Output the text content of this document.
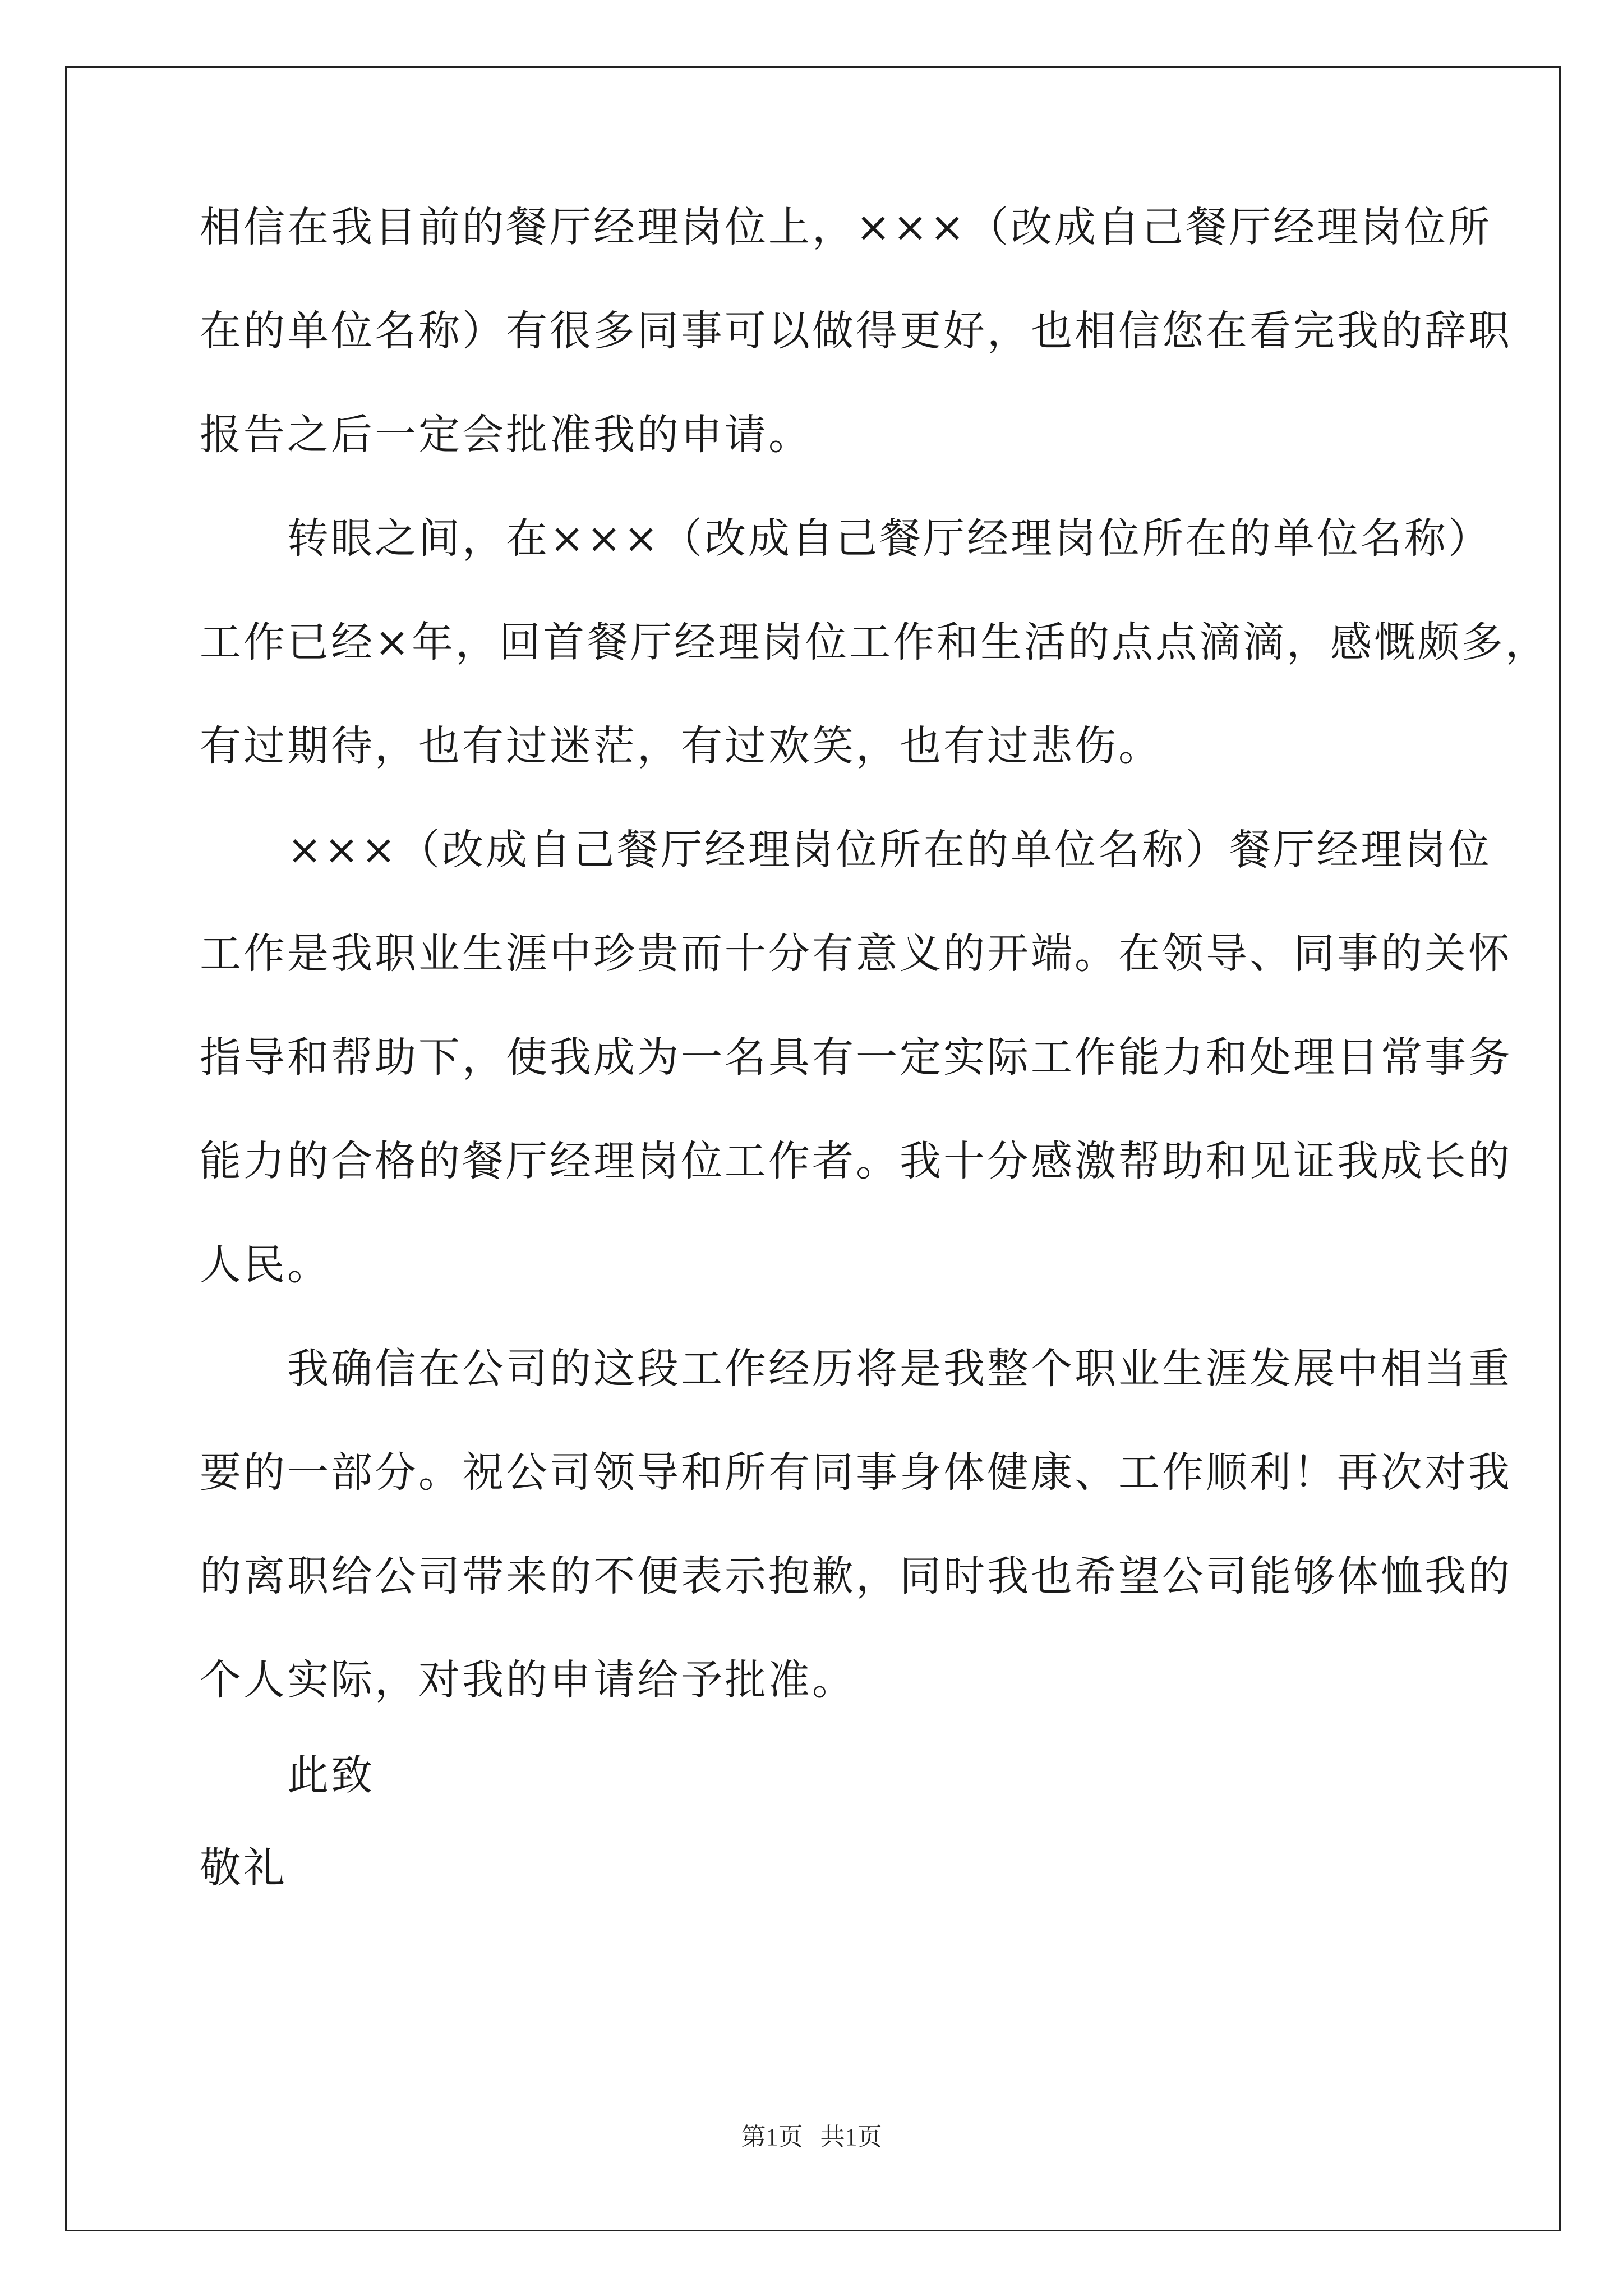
相信在我目前的餐厅经理岗位上，×××（改成自己餐厅经理岗位所
在的单位名称）有很多同事可以做得更好，也相信您在看完我的辞职
报告之后一定会批准我的申请。
　　转眼之间，在×××（改成自己餐厅经理岗位所在的单位名称）
工作已经×年，回首餐厅经理岗位工作和生活的点点滴滴，感慨颇多，
有过期待，也有过迷茫，有过欢笑，也有过悲伤。
　　×××（改成自己餐厅经理岗位所在的单位名称）餐厅经理岗位
工作是我职业生涯中珍贵而十分有意义的开端。在领导、同事的关怀
指导和帮助下，使我成为一名具有一定实际工作能力和处理日常事务
能力的合格的餐厅经理岗位工作者。我十分感激帮助和见证我成长的
人民。
　　我确信在公司的这段工作经历将是我整个职业生涯发展中相当重
要的一部分。祝公司领导和所有同事身体健康、工作顺利！再次对我
的离职给公司带来的不便表示抱歉，同时我也希望公司能够体恤我的
个人实际，对我的申请给予批准。
　　此致
敬礼
第1页 共1页
